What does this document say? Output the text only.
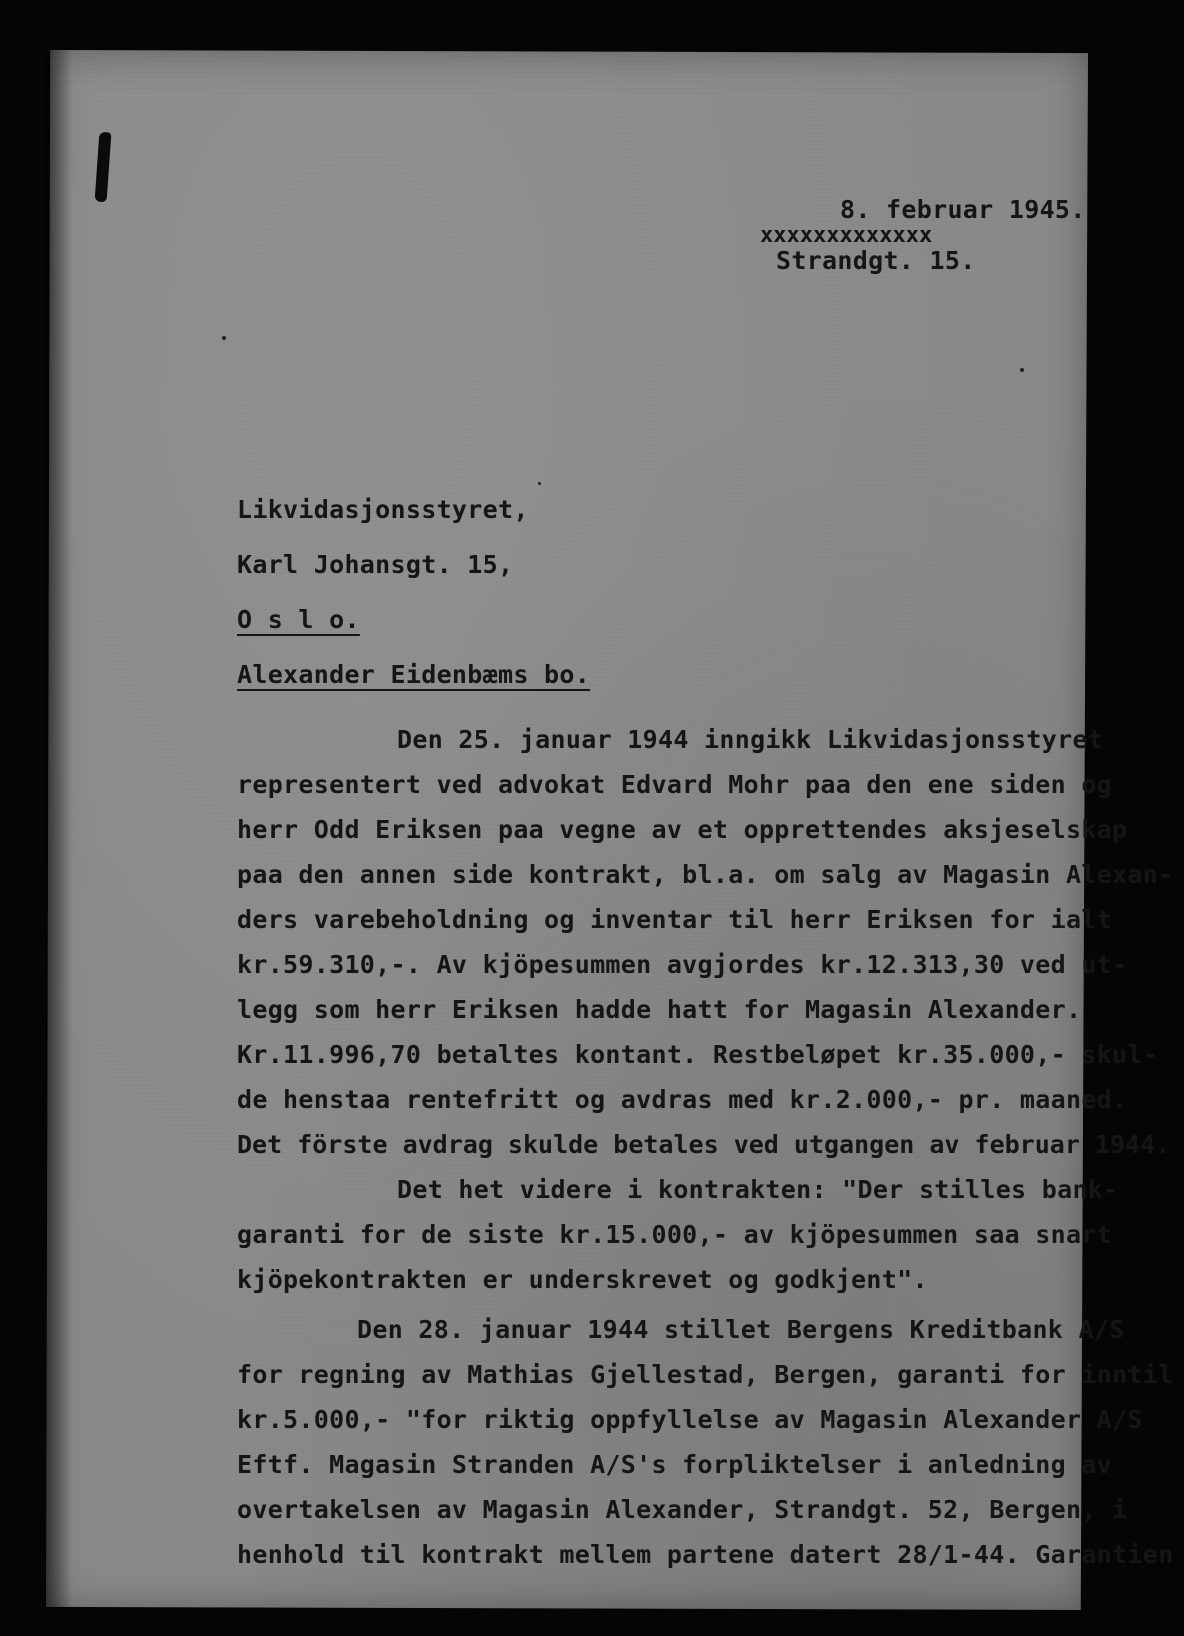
8. februar 1945.
xxxxxxxxxxxxx
Strandgt. 15.
Likvidasjonsstyret,
Karl Johansgt. 15,
O s l o.
Alexander Eidenbæms bo.
Den 25. januar 1944 inngikk Likvidasjonsstyret
representert ved advokat Edvard Mohr paa den ene siden og
herr Odd Eriksen paa vegne av et opprettendes aksjeselskap
paa den annen side kontrakt, bl.a. om salg av Magasin Alexan-
ders varebeholdning og inventar til herr Eriksen for ialt
kr.59.310,-. Av kjöpesummen avgjordes kr.12.313,30 ved ut-
legg som herr Eriksen hadde hatt for Magasin Alexander.
Kr.11.996,70 betaltes kontant. Restbeløpet kr.35.000,- skul-
de henstaa rentefritt og avdras med kr.2.000,- pr. maaned.
Det förste avdrag skulde betales ved utgangen av februar 1944.
Det het videre i kontrakten: "Der stilles bank-
garanti for de siste kr.15.000,- av kjöpesummen saa snart
kjöpekontrakten er underskrevet og godkjent".
Den 28. januar 1944 stillet Bergens Kreditbank A/S
for regning av Mathias Gjellestad, Bergen, garanti for inntil
kr.5.000,- "for riktig oppfyllelse av Magasin Alexander A/S
Eftf. Magasin Stranden A/S's forpliktelser i anledning av
overtakelsen av Magasin Alexander, Strandgt. 52, Bergen, i
henhold til kontrakt mellem partene datert 28/1-44. Garantien
